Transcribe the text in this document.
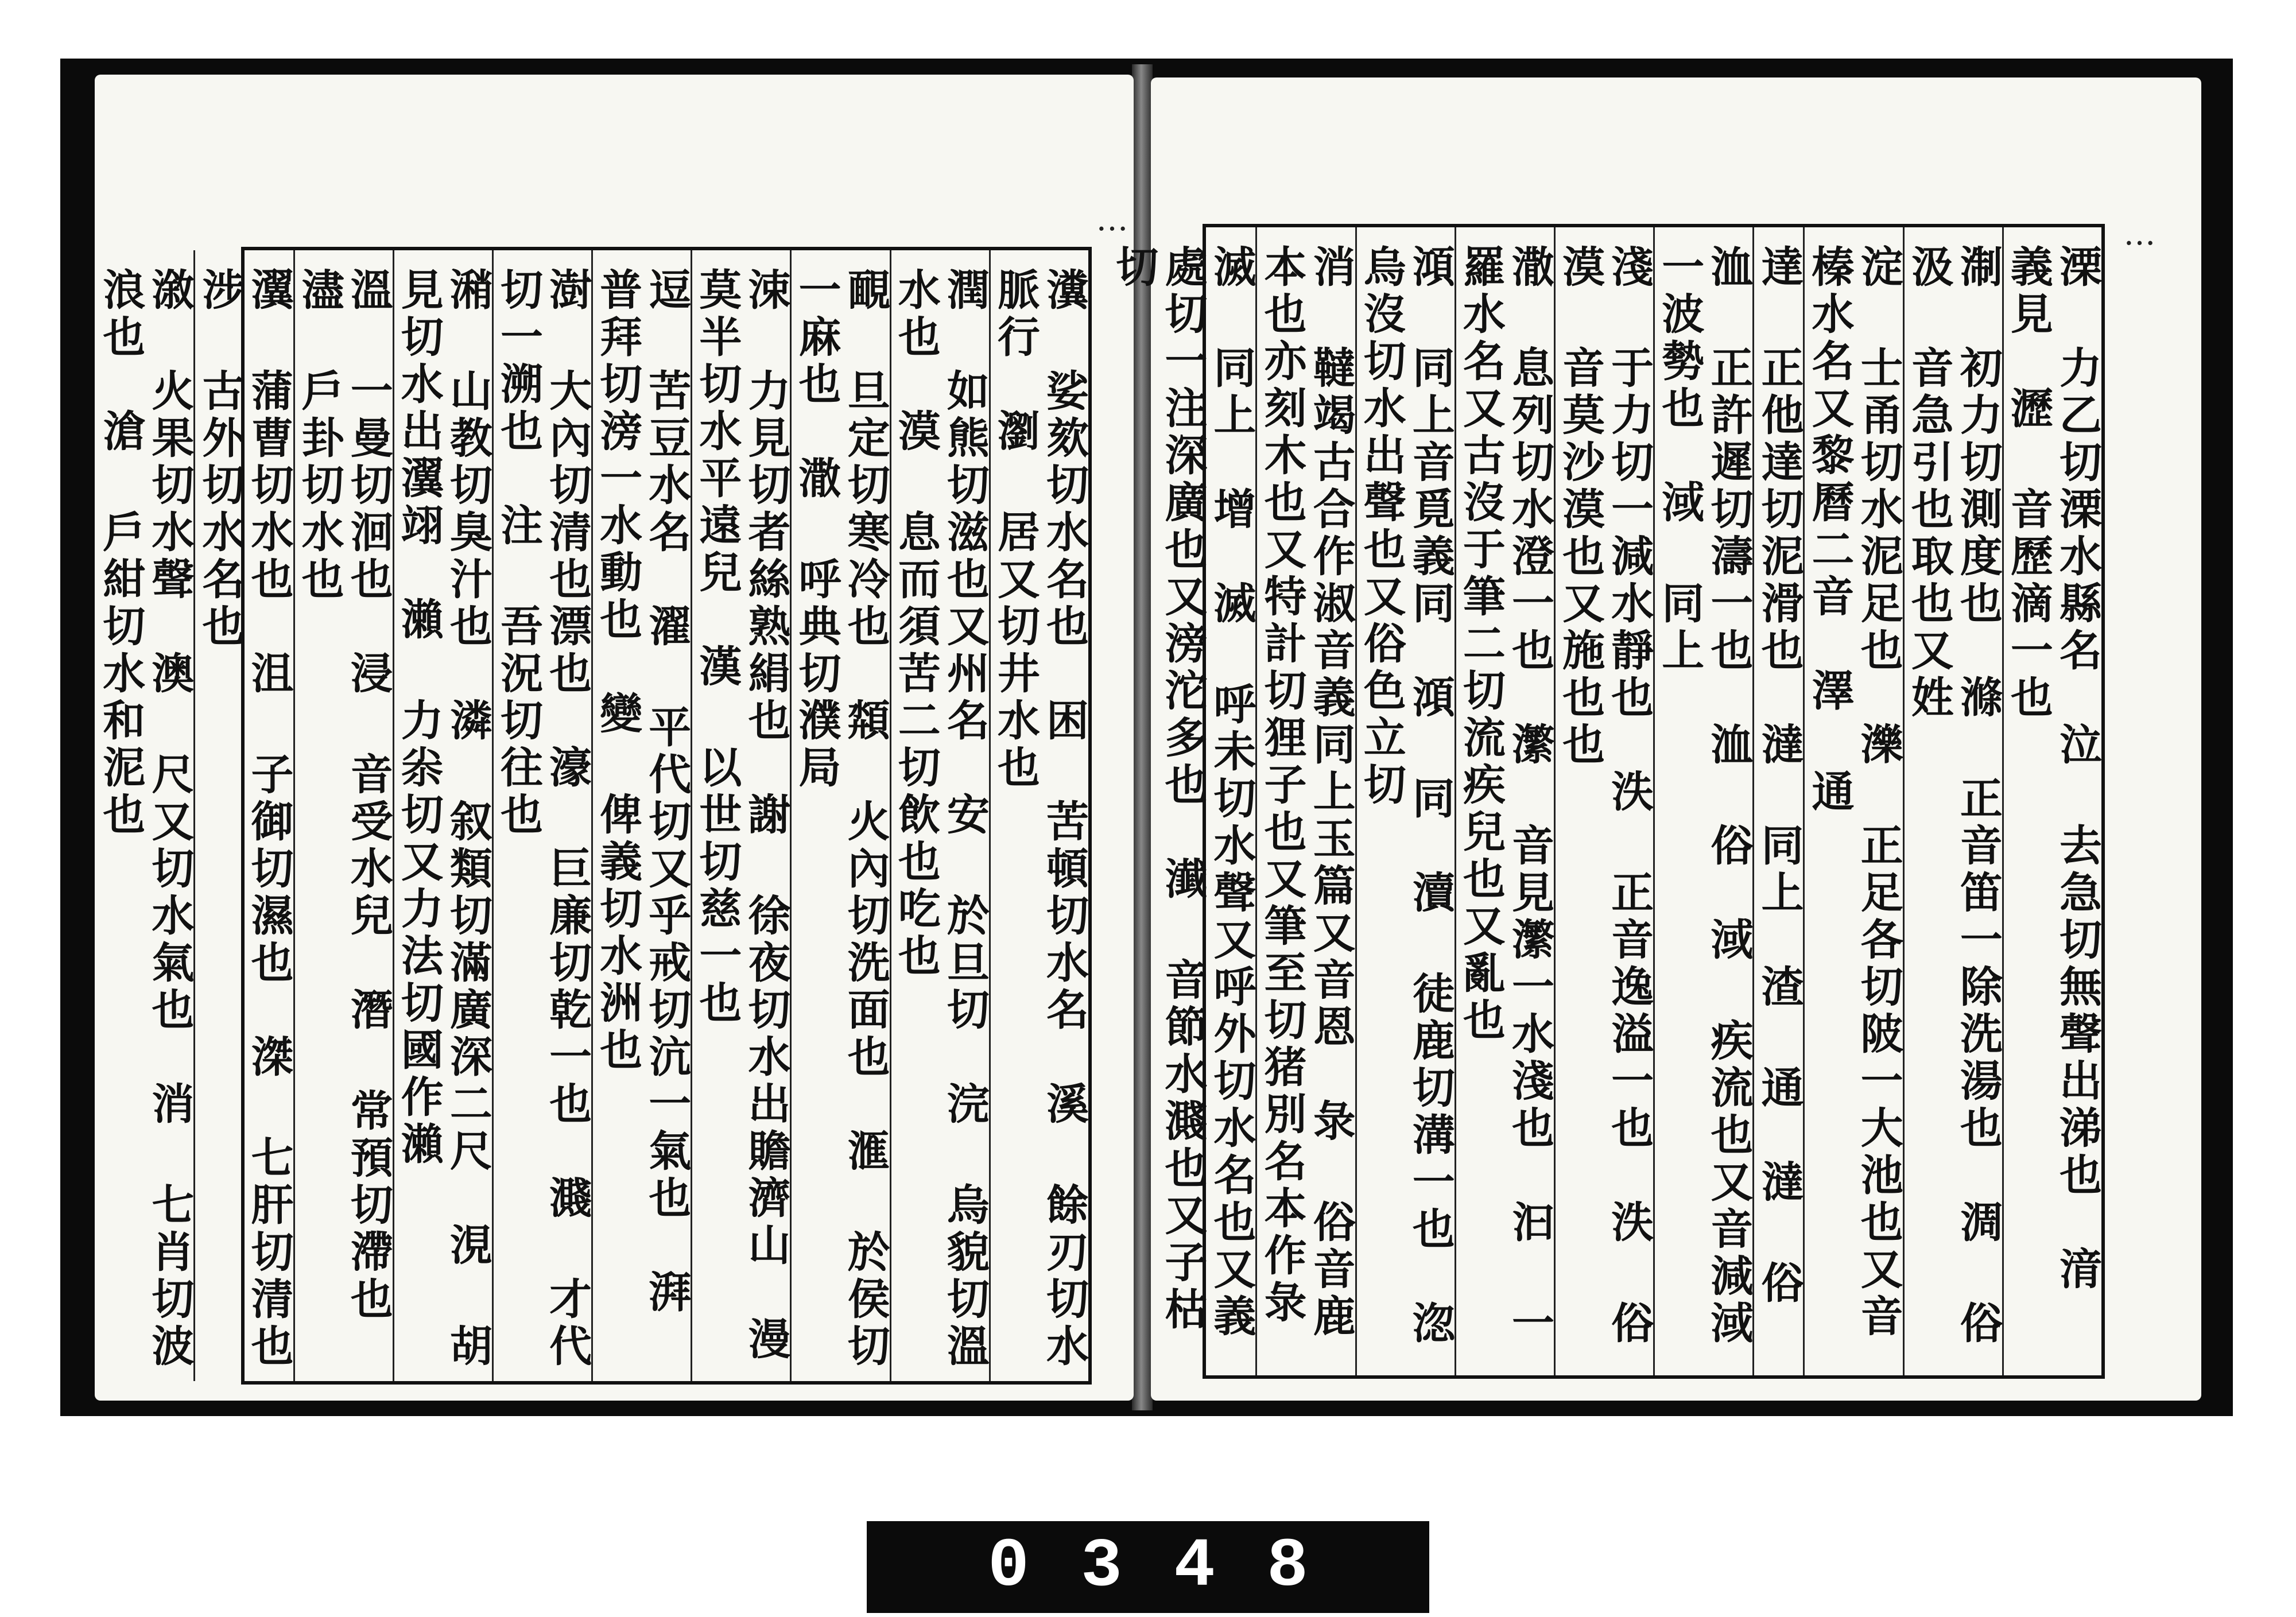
…
瀵 娑欬切水名也　困 苦頓切水名　溪 餘刃切水脈行　瀏 居又切井水也
潤 如熊切滋也又州名　安 於旦切　浣 烏貌切溫水也　漠 息而須苦二切飲也吃也
靦 旦定切寒冷也　頮 火內切洗面也　滙 於侯切一麻也　潵 呼典切濮局
涑 力見切者絲熟絹也　謝 徐夜切水出贍濟山　漫 莫半切水平遠兒　漢 以世切慈一也
逗 苦豆水名　濯 平代切又乎戒切沆一氣也　湃 普拜切滂一水動也　變 俾義切水洲也
澍 大內切清也漂也　濠 巨廉切乾一也　濺 才代切一溯也　注 吾況切往也
潲 山教切臭汁也　潾 叙類切滿廣深二尺　涀 胡見切水出瀷翊　瀨 力尜切又力法切國作瀨
溫 一曼切洄也　浸 音受水兒　潛 常預切滯也　濜 戶卦切水也
瀷 蒲曹切水也　沮 子御切濕也　滐 七肝切清也　涉 古外切水名也
漵 火果切水聲　澳 尺又切水氣也　消 七肖切波浪也　滄 戶紺切水和泥也
…
溧 力乙切溧水縣名　泣 去急切無聲出涕也　湇 義見　瀝 音歷滴一也
淛 初力切測度也　滌 正音笛一除洗湯也　淍 俗　汲 音急引也取也又姓
淀 士甬切水泥足也　濼 正足各切陂一大池也又音榛水名又黎曆二音　澤 通
達 正他達切泥滑也　澾 同上　渣 通　澾 俗
洫 正許遲切濤一也　洫 俗　淢 疾流也又音減淢一波勢也　淢 同上
淺 于力切一減水靜也　泆 正音逸溢一也　泆 俗　漠 音莫沙漠也又施也也
潵 息列切水澄一也　瀿 音見瀿一水淺也　汩 一羅水名又古沒于筆二切流疾兒也又亂也
澒 同上音覓義同　澒 同　瀆 徒鹿切溝一也　淴 烏沒切水出聲也又俗色立切
消 韃竭古合作淑音義同上玉篇又音恩　彔 俗音鹿本也亦刻木也又特計切狸子也又筆至切猪別名本作彔
滅 同上　增　滅 呼未切水聲又呼外切水名也又義處切一注深廣也又滂沱多也　瀐 音節水濺也又子枯切
0348
